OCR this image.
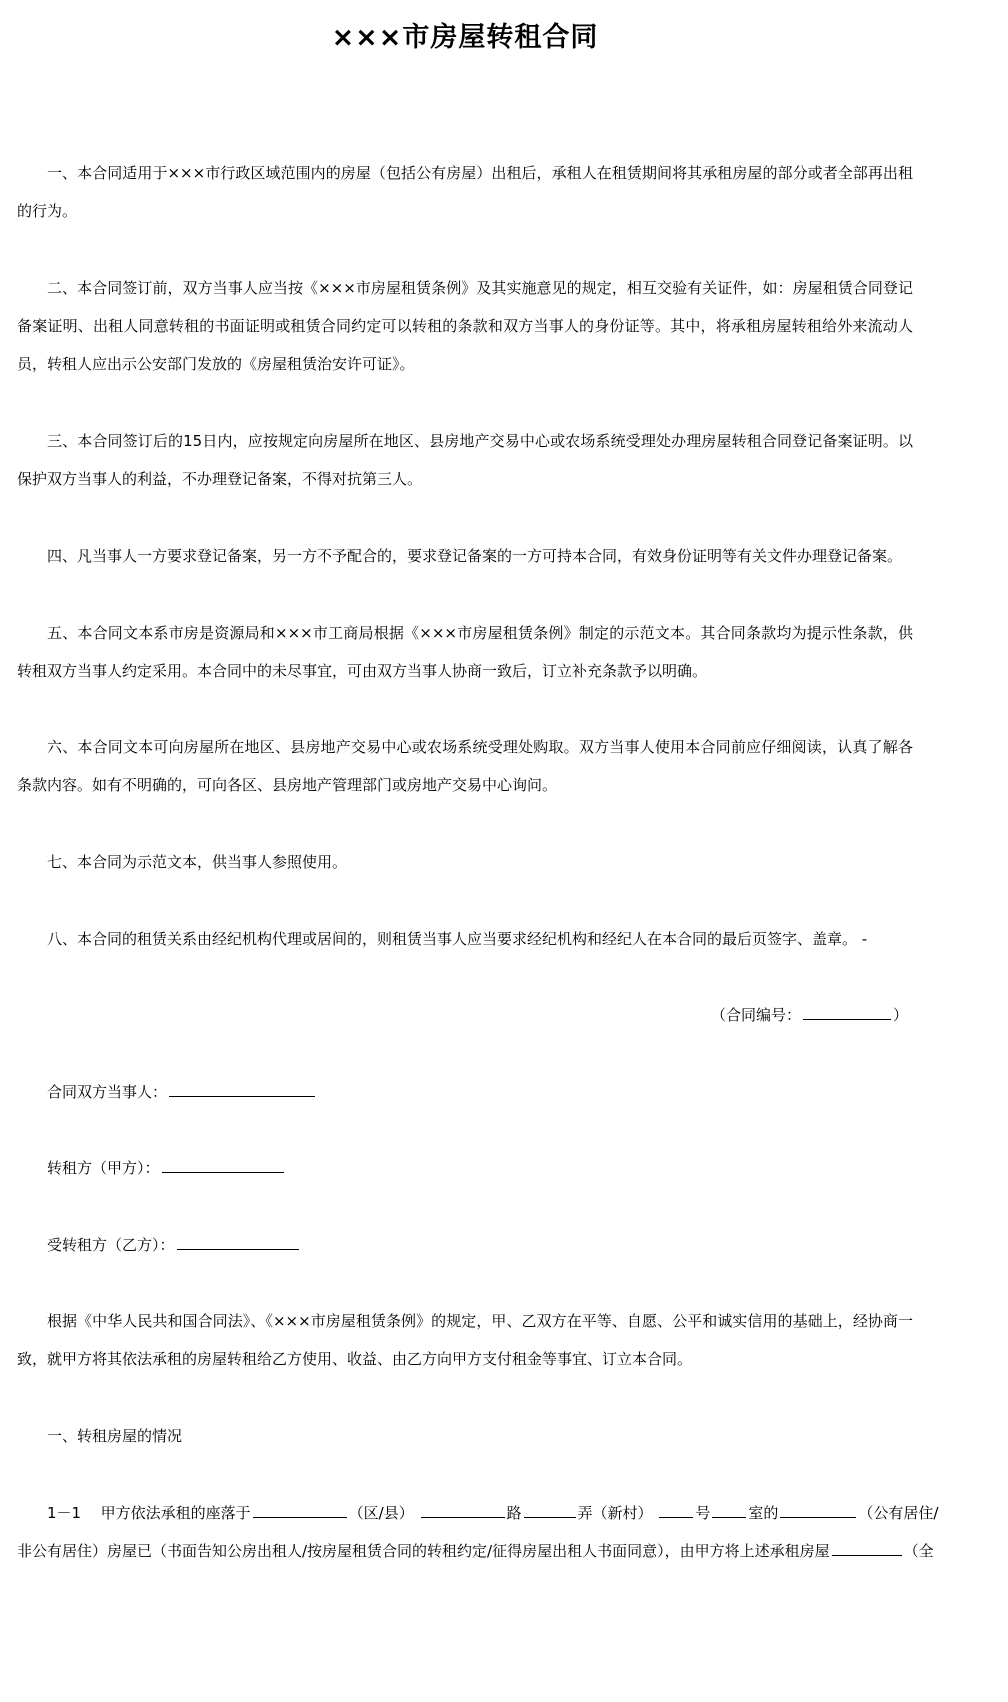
×××市房屋转租合同
一、本合同适用于×××市行政区域范围内的房屋（包括公有房屋）出租后，承租人在租赁期间将其承租房屋的部分或者全部再出租的行为。
二、本合同签订前，双方当事人应当按《×××市房屋租赁条例》及其实施意见的规定，相互交验有关证件，如：房屋租赁合同登记备案证明、出租人同意转租的书面证明或租赁合同约定可以转租的条款和双方当事人的身份证等。其中，将承租房屋转租给外来流动人员，转租人应出示公安部门发放的《房屋租赁治安许可证》。
三、本合同签订后的15日内，应按规定向房屋所在地区、县房地产交易中心或农场系统受理处办理房屋转租合同登记备案证明。以保护双方当事人的利益，不办理登记备案，不得对抗第三人。
四、凡当事人一方要求登记备案，另一方不予配合的，要求登记备案的一方可持本合同，有效身份证明等有关文件办理登记备案。
五、本合同文本系市房是资源局和×××市工商局根据《×××市房屋租赁条例》制定的示范文本。其合同条款均为提示性条款，供转租双方当事人约定采用。本合同中的未尽事宜，可由双方当事人协商一致后，订立补充条款予以明确。
六、本合同文本可向房屋所在地区、县房地产交易中心或农场系统受理处购取。双方当事人使用本合同前应仔细阅读，认真了解各条款内容。如有不明确的，可向各区、县房地产管理部门或房地产交易中心询问。
七、本合同为示范文本，供当事人参照使用。
八、本合同的租赁关系由经纪机构代理或居间的，则租赁当事人应当要求经纪机构和经纪人在本合同的最后页签字、盖章。 -
（合同编号：	）
合同双方当事人：
转租方（甲方）：
受转租方（乙方）：
根据《中华人民共和国合同法》、《×××市房屋租赁条例》的规定，甲、乙双方在平等、自愿、公平和诚实信用的基础上，经协商一致，就甲方将其依法承租的房屋转租给乙方使用、收益、由乙方向甲方支付租金等事宜、订立本合同。
一、转租房屋的情况
1－1 甲方依法承租的座落于	（区/县）	路	弄（新村）	号	室的	（公有居住/
非公有居住）房屋已（书面告知公房出租人/按房屋租赁合同的转租约定/征得房屋出租人书面同意），由甲方将上述承租房屋	（全
